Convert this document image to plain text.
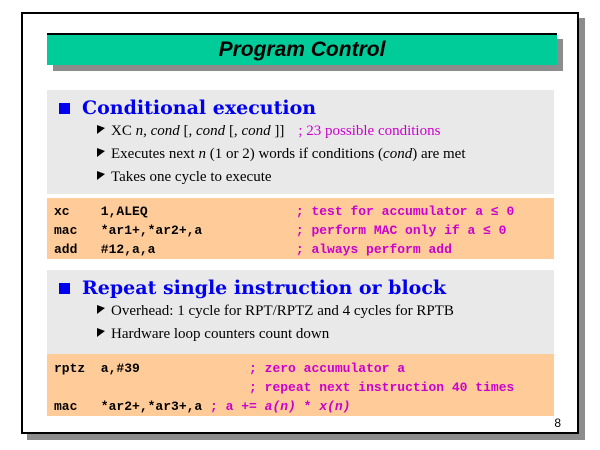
Program Control
Conditional execution
XC n, cond [, cond [, cond ]] ; 23 possible conditions
Executes next n (1 or 2) words if conditions (cond) are met
Takes one cycle to execute
xc    1,ALEQ                   ; test for accumulator a ≤ 0
mac   *ar1+,*ar2+,a            ; perform MAC only if a ≤ 0
add   #12,a,a                  ; always perform add
Repeat single instruction or block
Overhead: 1 cycle for RPT/RPTZ and 4 cycles for RPTB
Hardware loop counters count down
rptz  a,#39              ; zero accumulator a
; repeat next instruction 40 times
mac   *ar2+,*ar3+,a ; a += a(n) * x(n)
8
